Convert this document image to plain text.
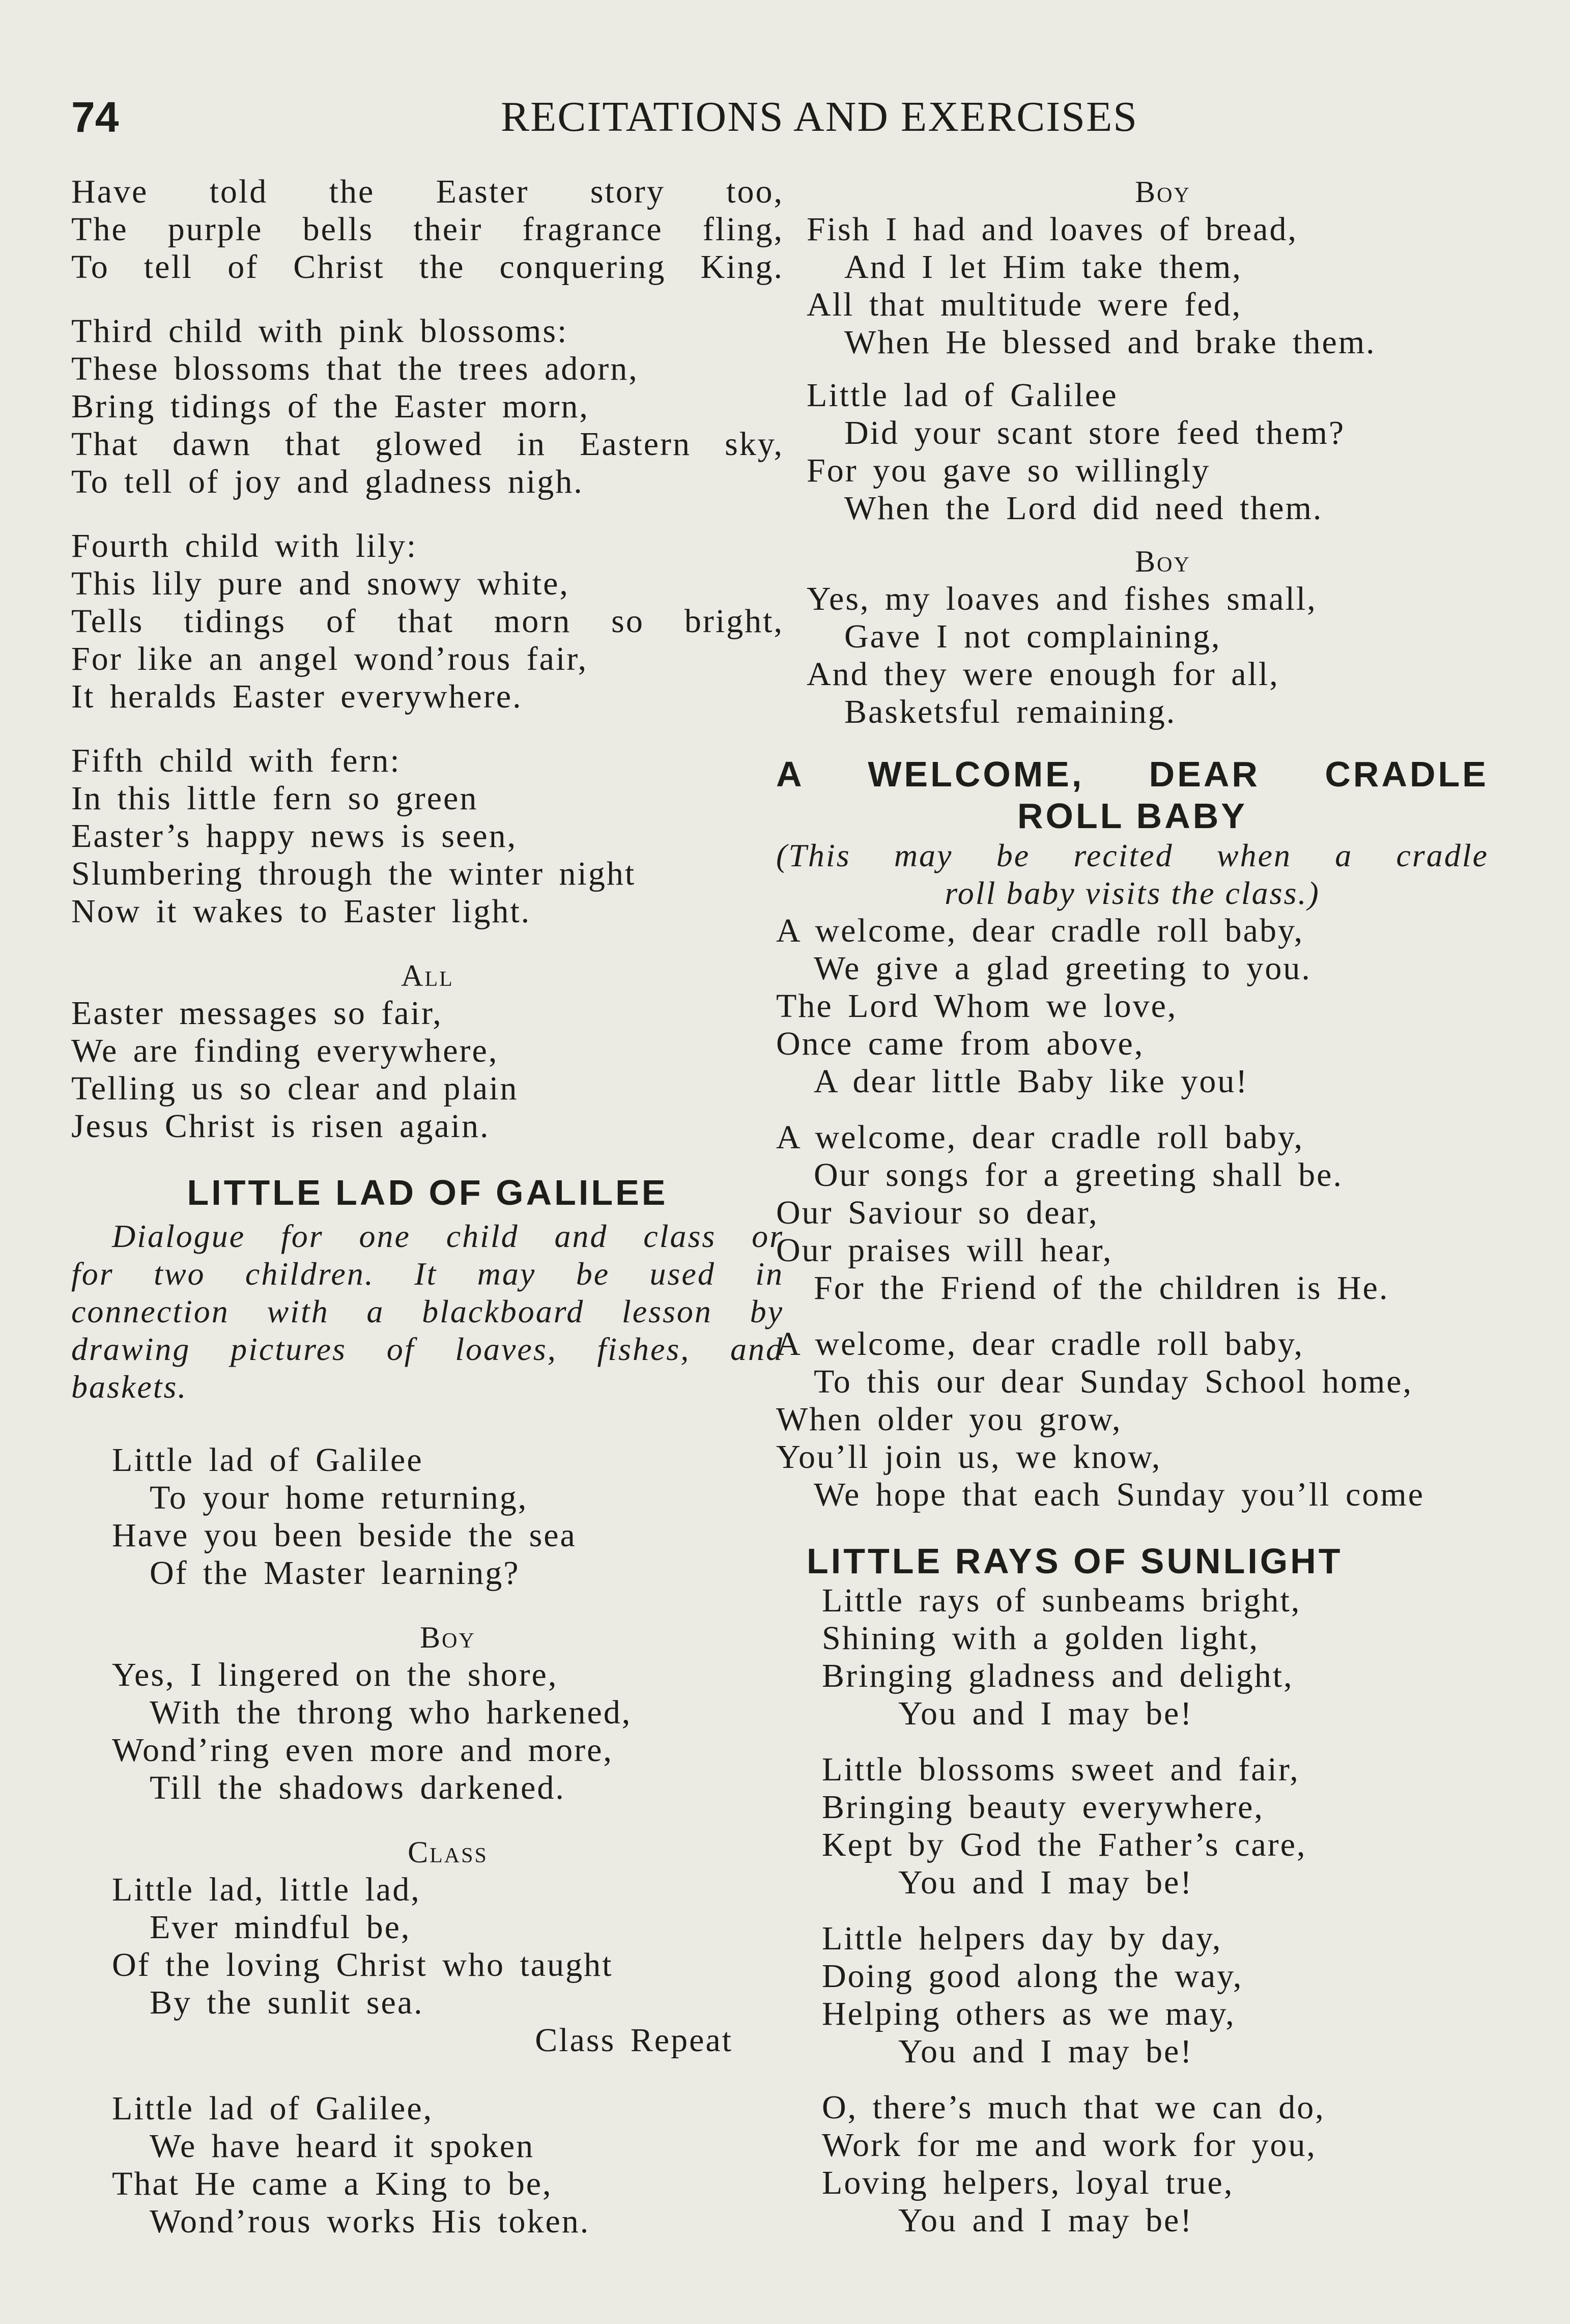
74	RECITATIONS AND EXERCISES
Have told the Easter story too,
The purple bells their fragrance fling,
To tell of Christ the conquering King.
Third child with pink blossoms:
These blossoms that the trees adorn,
Bring tidings of the Easter morn,
That dawn that glowed in Eastern sky,
To tell of joy and gladness nigh.
Fourth child with lily:
This lily pure and snowy white,
Tells tidings of that morn so bright,
For like an angel wond’rous fair,
It heralds Easter everywhere.
Fifth child with fern:
In this little fern so green
Easter’s happy news is seen,
Slumbering through the winter night
Now it wakes to Easter light.
All
Easter messages so fair,
We are finding everywhere,
Telling us so clear and plain
Jesus Christ is risen again.
LITTLE LAD OF GALILEE
Dialogue for one child and class or
for two children. It may be used in
connection with a blackboard lesson by
drawing pictures of loaves, fishes, and
baskets.
Little lad of Galilee
To your home returning,
Have you been beside the sea
Of the Master learning?
Boy
Yes, I lingered on the shore,
With the throng who harkened,
Wond’ring even more and more,
Till the shadows darkened.
Class
Little lad, little lad,
Ever mindful be,
Of the loving Christ who taught
By the sunlit sea.
Class Repeat
Little lad of Galilee,
We have heard it spoken
That He came a King to be,
Wond’rous works His token.
Boy
Fish I had and loaves of bread,
And I let Him take them,
All that multitude were fed,
When He blessed and brake them.
Little lad of Galilee
Did your scant store feed them?
For you gave so willingly
When the Lord did need them.
Boy
Yes, my loaves and fishes small,
Gave I not complaining,
And they were enough for all,
Basketsful remaining.
A WELCOME, DEAR CRADLE
ROLL BABY
(This may be recited when a cradle
roll baby visits the class.)
A welcome, dear cradle roll baby,
We give a glad greeting to you.
The Lord Whom we love,
Once came from above,
A dear little Baby like you!
A welcome, dear cradle roll baby,
Our songs for a greeting shall be.
Our Saviour so dear,
Our praises will hear,
For the Friend of the children is He.
A welcome, dear cradle roll baby,
To this our dear Sunday School home,
When older you grow,
You’ll join us, we know,
We hope that each Sunday you’ll come
LITTLE RAYS OF SUNLIGHT
Little rays of sunbeams bright,
Shining with a golden light,
Bringing gladness and delight,
You and I may be!
Little blossoms sweet and fair,
Bringing beauty everywhere,
Kept by God the Father’s care,
You and I may be!
Little helpers day by day,
Doing good along the way,
Helping others as we may,
You and I may be!
O, there’s much that we can do,
Work for me and work for you,
Loving helpers, loyal true,
You and I may be!
